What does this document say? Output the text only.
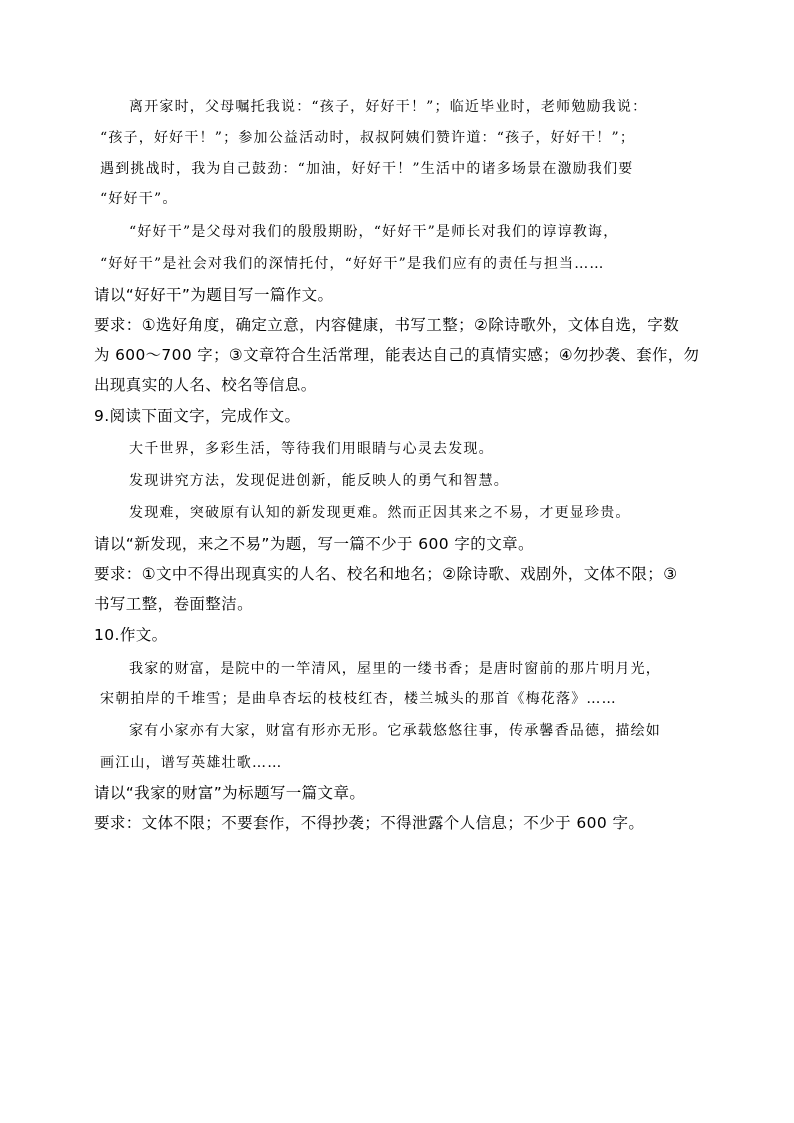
离开家时，父母嘱托我说：“孩子，好好干！”；临近毕业时，老师勉励我说：
“孩子，好好干！”；参加公益活动时，叔叔阿姨们赞许道：“孩子，好好干！”；
遇到挑战时，我为自己鼓劲：“加油，好好干！”生活中的诸多场景在激励我们要
“好好干”。
“好好干”是父母对我们的殷殷期盼，“好好干”是师长对我们的谆谆教诲，
“好好干”是社会对我们的深情托付，“好好干”是我们应有的责任与担当……
请以“好好干”为题目写一篇作文。
要求：①选好角度，确定立意，内容健康，书写工整；②除诗歌外，文体自选，字数
为 600～700 字；③文章符合生活常理，能表达自己的真情实感；④勿抄袭、套作，勿
出现真实的人名、校名等信息。
9.阅读下面文字，完成作文。
大千世界，多彩生活，等待我们用眼睛与心灵去发现。
发现讲究方法，发现促进创新，能反映人的勇气和智慧。
发现难，突破原有认知的新发现更难。然而正因其来之不易，才更显珍贵。
请以“新发现，来之不易”为题，写一篇不少于 600 字的文章。
要求：①文中不得出现真实的人名、校名和地名；②除诗歌、戏剧外，文体不限；③
书写工整，卷面整洁。
10.作文。
我家的财富，是院中的一竿清风，屋里的一缕书香；是唐时窗前的那片明月光，
宋朝拍岸的千堆雪；是曲阜杏坛的枝枝红杏，楼兰城头的那首《梅花落》……
家有小家亦有大家，财富有形亦无形。它承载悠悠往事，传承馨香品德，描绘如
画江山，谱写英雄壮歌……
请以“我家的财富”为标题写一篇文章。
要求：文体不限；不要套作，不得抄袭；不得泄露个人信息；不少于 600 字。
